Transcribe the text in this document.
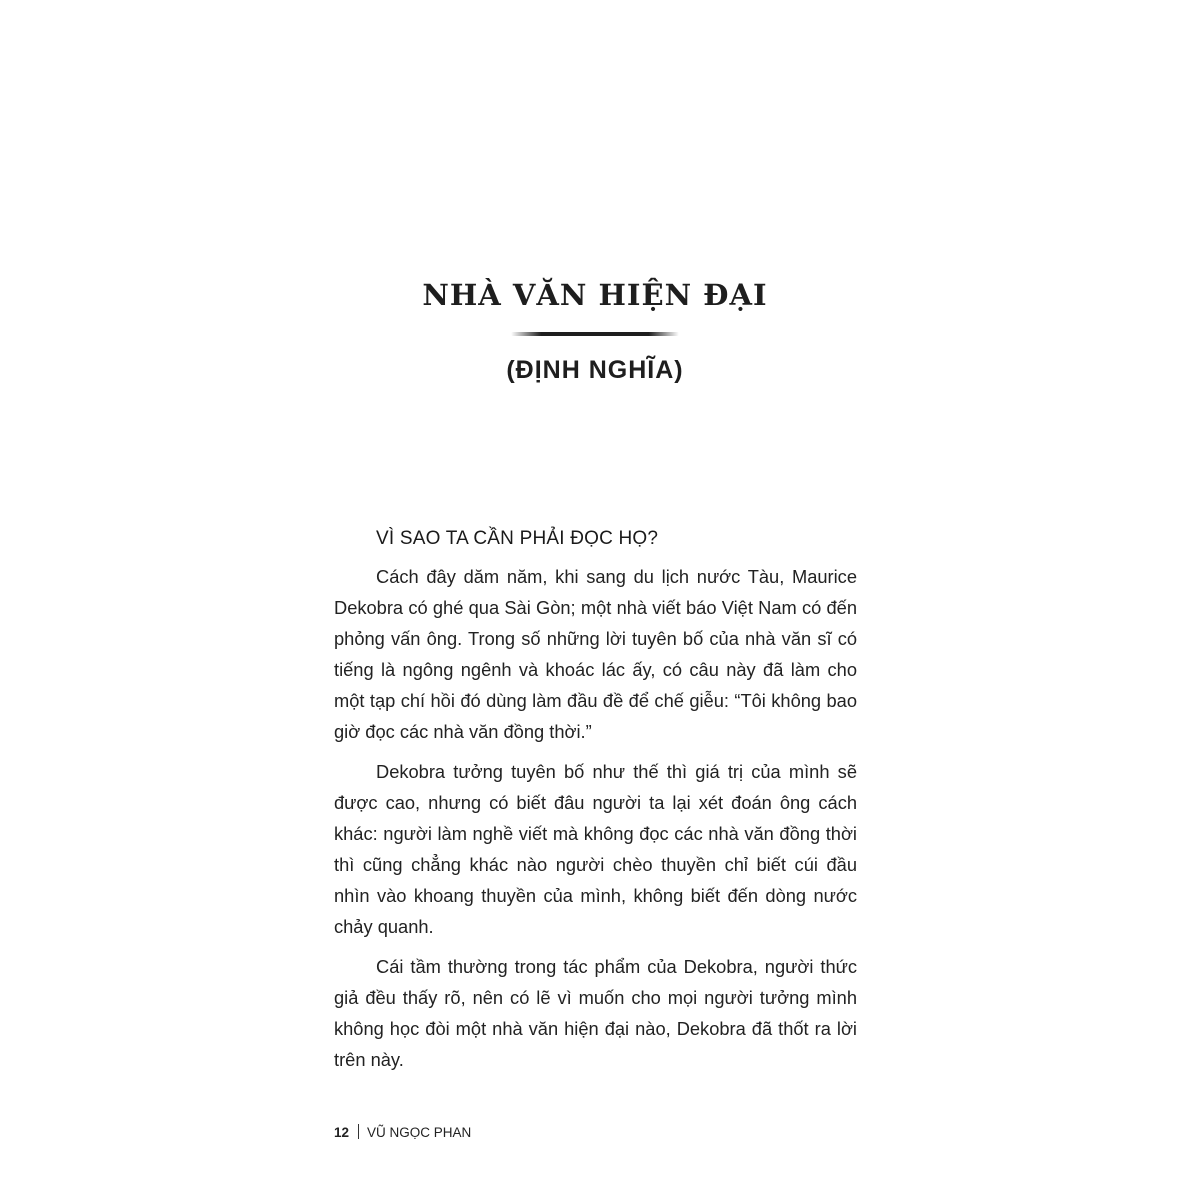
NHÀ VĂN HIỆN ĐẠI
(ĐỊNH NGHĨA)
VÌ SAO TA CẦN PHẢI ĐỌC HỌ?

Cách đây dăm năm, khi sang du lịch nước Tàu, Maurice Dekobra có ghé qua Sài Gòn; một nhà viết báo Việt Nam có đến phỏng vấn ông. Trong số những lời tuyên bố của nhà văn sĩ có tiếng là ngông ngênh và khoác lác ấy, có câu này đã làm cho một tạp chí hồi đó dùng làm đầu đề để chế giễu: “Tôi không bao giờ đọc các nhà văn đồng thời.”

Dekobra tưởng tuyên bố như thế thì giá trị của mình sẽ được cao, nhưng có biết đâu người ta lại xét đoán ông cách khác: người làm nghề viết mà không đọc các nhà văn đồng thời thì cũng chẳng khác nào người chèo thuyền chỉ biết cúi đầu nhìn vào khoang thuyền của mình, không biết đến dòng nước chảy quanh.

Cái tầm thường trong tác phẩm của Dekobra, người thức giả đều thấy rõ, nên có lẽ vì muốn cho mọi người tưởng mình không học đòi một nhà văn hiện đại nào, Dekobra đã thốt ra lời trên này.

12 VŨ NGỌC PHAN
